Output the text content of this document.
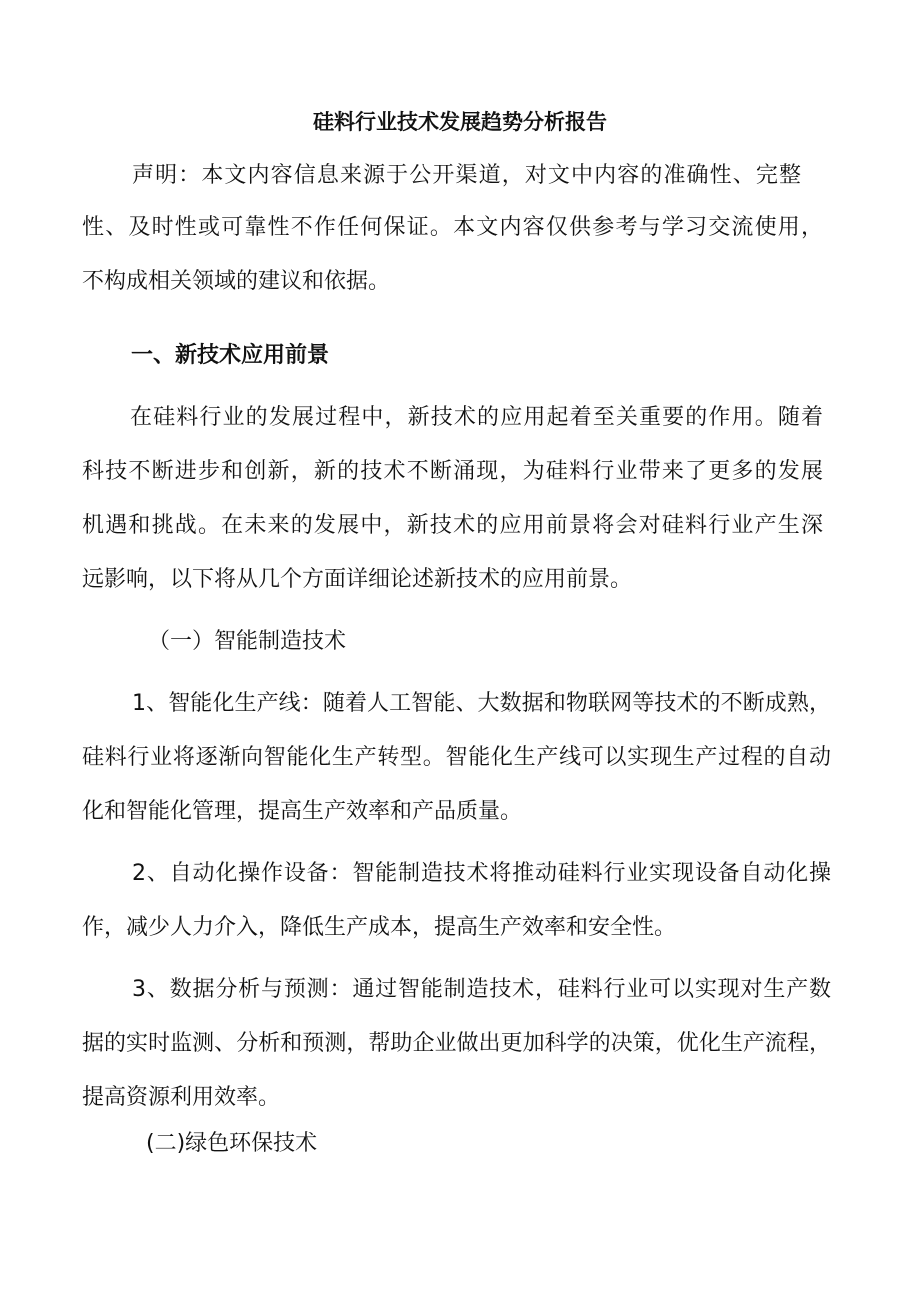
硅料行业技术发展趋势分析报告
声明：本文内容信息来源于公开渠道，对文中内容的准确性、完整
性、及时性或可靠性不作任何保证。本文内容仅供参考与学习交流使用，
不构成相关领域的建议和依据。
一、新技术应用前景
在硅料行业的发展过程中，新技术的应用起着至关重要的作用。随着
科技不断进步和创新，新的技术不断涌现，为硅料行业带来了更多的发展
机遇和挑战。在未来的发展中，新技术的应用前景将会对硅料行业产生深
远影响，以下将从几个方面详细论述新技术的应用前景。
（一）智能制造技术
1、智能化生产线：随着人工智能、大数据和物联网等技术的不断成熟，
硅料行业将逐渐向智能化生产转型。智能化生产线可以实现生产过程的自动
化和智能化管理，提高生产效率和产品质量。
2、自动化操作设备：智能制造技术将推动硅料行业实现设备自动化操
作，减少人力介入，降低生产成本，提高生产效率和安全性。
3、数据分析与预测：通过智能制造技术，硅料行业可以实现对生产数
据的实时监测、分析和预测，帮助企业做出更加科学的决策，优化生产流程，
提高资源利用效率。
(二)绿色环保技术
